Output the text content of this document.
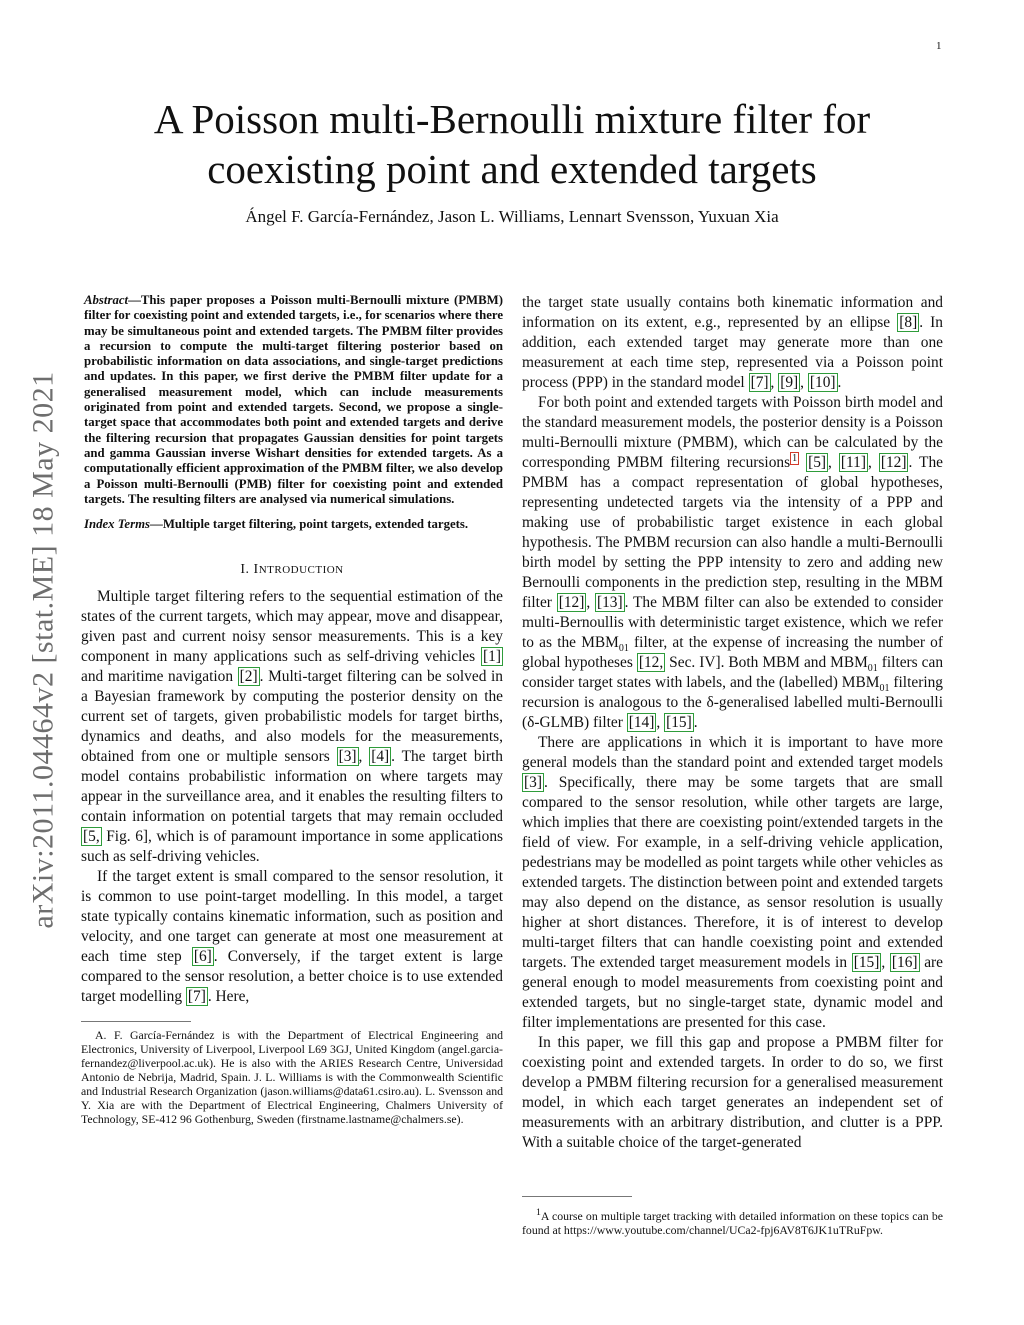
1
arXiv:2011.04464v2 [stat.ME] 18 May 2021
A Poisson multi-Bernoulli mixture filter for
coexisting point and extended targets
Ángel F. García-Fernández, Jason L. Williams, Lennart Svensson, Yuxuan Xia
Abstract—This paper proposes a Poisson multi-Bernoulli mixture (PMBM) filter for coexisting point and extended targets, i.e., for scenarios where there may be simultaneous point and extended targets. The PMBM filter provides a recursion to compute the multi-target filtering posterior based on probabilistic information on data associations, and single-target predictions and updates. In this paper, we first derive the PMBM filter update for a generalised measurement model, which can include measurements originated from point and extended targets. Second, we propose a single-target space that accommodates both point and extended targets and derive the filtering recursion that propagates Gaussian densities for point targets and gamma Gaussian inverse Wishart densities for extended targets. As a computationally efficient approximation of the PMBM filter, we also develop a Poisson multi-Bernoulli (PMB) filter for coexisting point and extended targets. The resulting filters are analysed via numerical simulations.
Index Terms—Multiple target filtering, point targets, extended targets.
I. INTRODUCTION

Multiple target filtering refers to the sequential estimation of the states of the current targets, which may appear, move and disappear, given past and current noisy sensor measurements. This is a key component in many applications such as self-driving vehicles [1] and maritime navigation [2] . Multi-target filtering can be solved in a Bayesian framework by computing the posterior density on the current set of targets, given probabilistic models for target births, dynamics and deaths, and also models for the measurements, obtained from one or multiple sensors [3] , [4] . The target birth model contains probabilistic information on where targets may appear in the surveillance area, and it enables the resulting filters to contain information on potential targets that may remain occluded [5, Fig. 6], which is of paramount importance in some applications such as self-driving vehicles.

If the target extent is small compared to the sensor resolution, it is common to use point-target modelling. In this model, a target state typically contains kinematic information, such as position and velocity, and one target can generate at most one measurement at each time step [6] . Conversely, if the target extent is large compared to the sensor resolution, a better choice is to use extended target modelling [7] . Here,

A. F. García-Fernández is with the Department of Electrical Engineering and Electronics, University of Liverpool, Liverpool L69 3GJ, United Kingdom (angel.garcia-fernandez@liverpool.ac.uk). He is also with the ARIES Research Centre, Universidad Antonio de Nebrija, Madrid, Spain. J. L. Williams is with the Commonwealth Scientific and Industrial Research Organization (jason.williams@data61.csiro.au). L. Svensson and Y. Xia are with the Department of Electrical Engineering, Chalmers University of Technology, SE-412 96 Gothenburg, Sweden (firstname.lastname@chalmers.se).

the target state usually contains both kinematic information and information on its extent, e.g., represented by an ellipse [8] . In addition, each extended target may generate more than one measurement at each time step, represented via a Poisson point process (PPP) in the standard model [7] , [9] , [10] .

For both point and extended targets with Poisson birth model and the standard measurement models, the posterior density is a Poisson multi-Bernoulli mixture (PMBM), which can be calculated by the corresponding PMBM filtering recursions $^1$ [5] , [11] , [12] . The PMBM has a compact representation of global hypotheses, representing undetected targets via the intensity of a PPP and making use of probabilistic target existence in each global hypothesis. The PMBM recursion can also handle a multi-Bernoulli birth model by setting the PPP intensity to zero and adding new Bernoulli components in the prediction step, resulting in the MBM filter [12] , [13] . The MBM filter can also be extended to consider multi-Bernoullis with deterministic target existence, which we refer to as the $MBM_{01}$ filter, at the expense of increasing the number of global hypotheses [12, Sec. IV]. Both MBM and $MBM_{01}$ filters can consider target states with labels, and the (labelled) $MBM_{01}$ filtering recursion is analogous to the δ-generalised labelled multi-Bernoulli (δ-GLMB) filter [14] , [15] .

There are applications in which it is important to have more general models than the standard point and extended target models [3] . Specifically, there may be some targets that are small compared to the sensor resolution, while other targets are large, which implies that there are coexisting point/extended targets in the field of view. For example, in a self-driving vehicle application, pedestrians may be modelled as point targets while other vehicles as extended targets. The distinction between point and extended targets may also depend on the distance, as sensor resolution is usually higher at short distances. Therefore, it is of interest to develop multi-target filters that can handle coexisting point and extended targets. The extended target measurement models in [15] , [16] are general enough to model measurements from coexisting point and extended targets, but no single-target state, dynamic model and filter implementations are presented for this case.

In this paper, we fill this gap and propose a PMBM filter for coexisting point and extended targets. In order to do so, we first develop a PMBM filtering recursion for a generalised measurement model, in which each target generates an independent set of measurements with an arbitrary distribution, and clutter is a PPP. With a suitable choice of the target-generated

$^1$A course on multiple target tracking with detailed information on these topics can be found at https://www.youtube.com/channel/UCa2-fpj6AV8T6JK1uTRuFpw.
